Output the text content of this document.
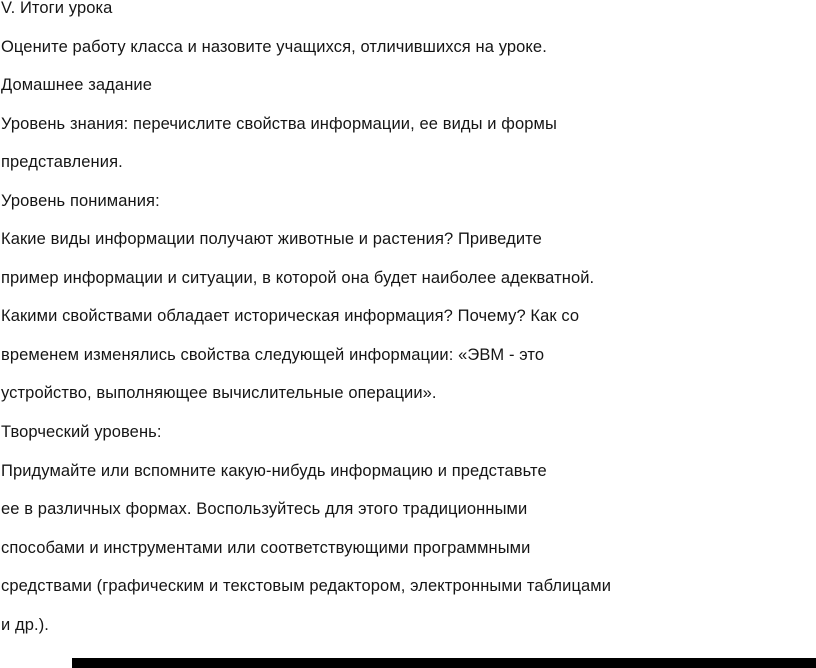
V. Итоги урока
Оцените работу класса и назовите учащихся, отличившихся на уроке.
Домашнее задание
Уровень знания: перечислите свойства информации, ее виды и формы
представления.
Уровень понимания:
Какие виды информации получают животные и растения? Приведите
пример информации и ситуации, в которой она будет наиболее адекватной.
Какими свойствами обладает историческая информация? Почему? Как со
временем изменялись свойства следующей информации: «ЭВМ - это
устройство, выполняющее вычислительные операции».
Творческий уровень:
Придумайте или вспомните какую-нибудь информацию и представьте
ее в различных формах. Воспользуйтесь для этого традиционными
способами и инструментами или соответствующими программными
средствами (графическим и текстовым редактором, электронными таблицами
и др.).
